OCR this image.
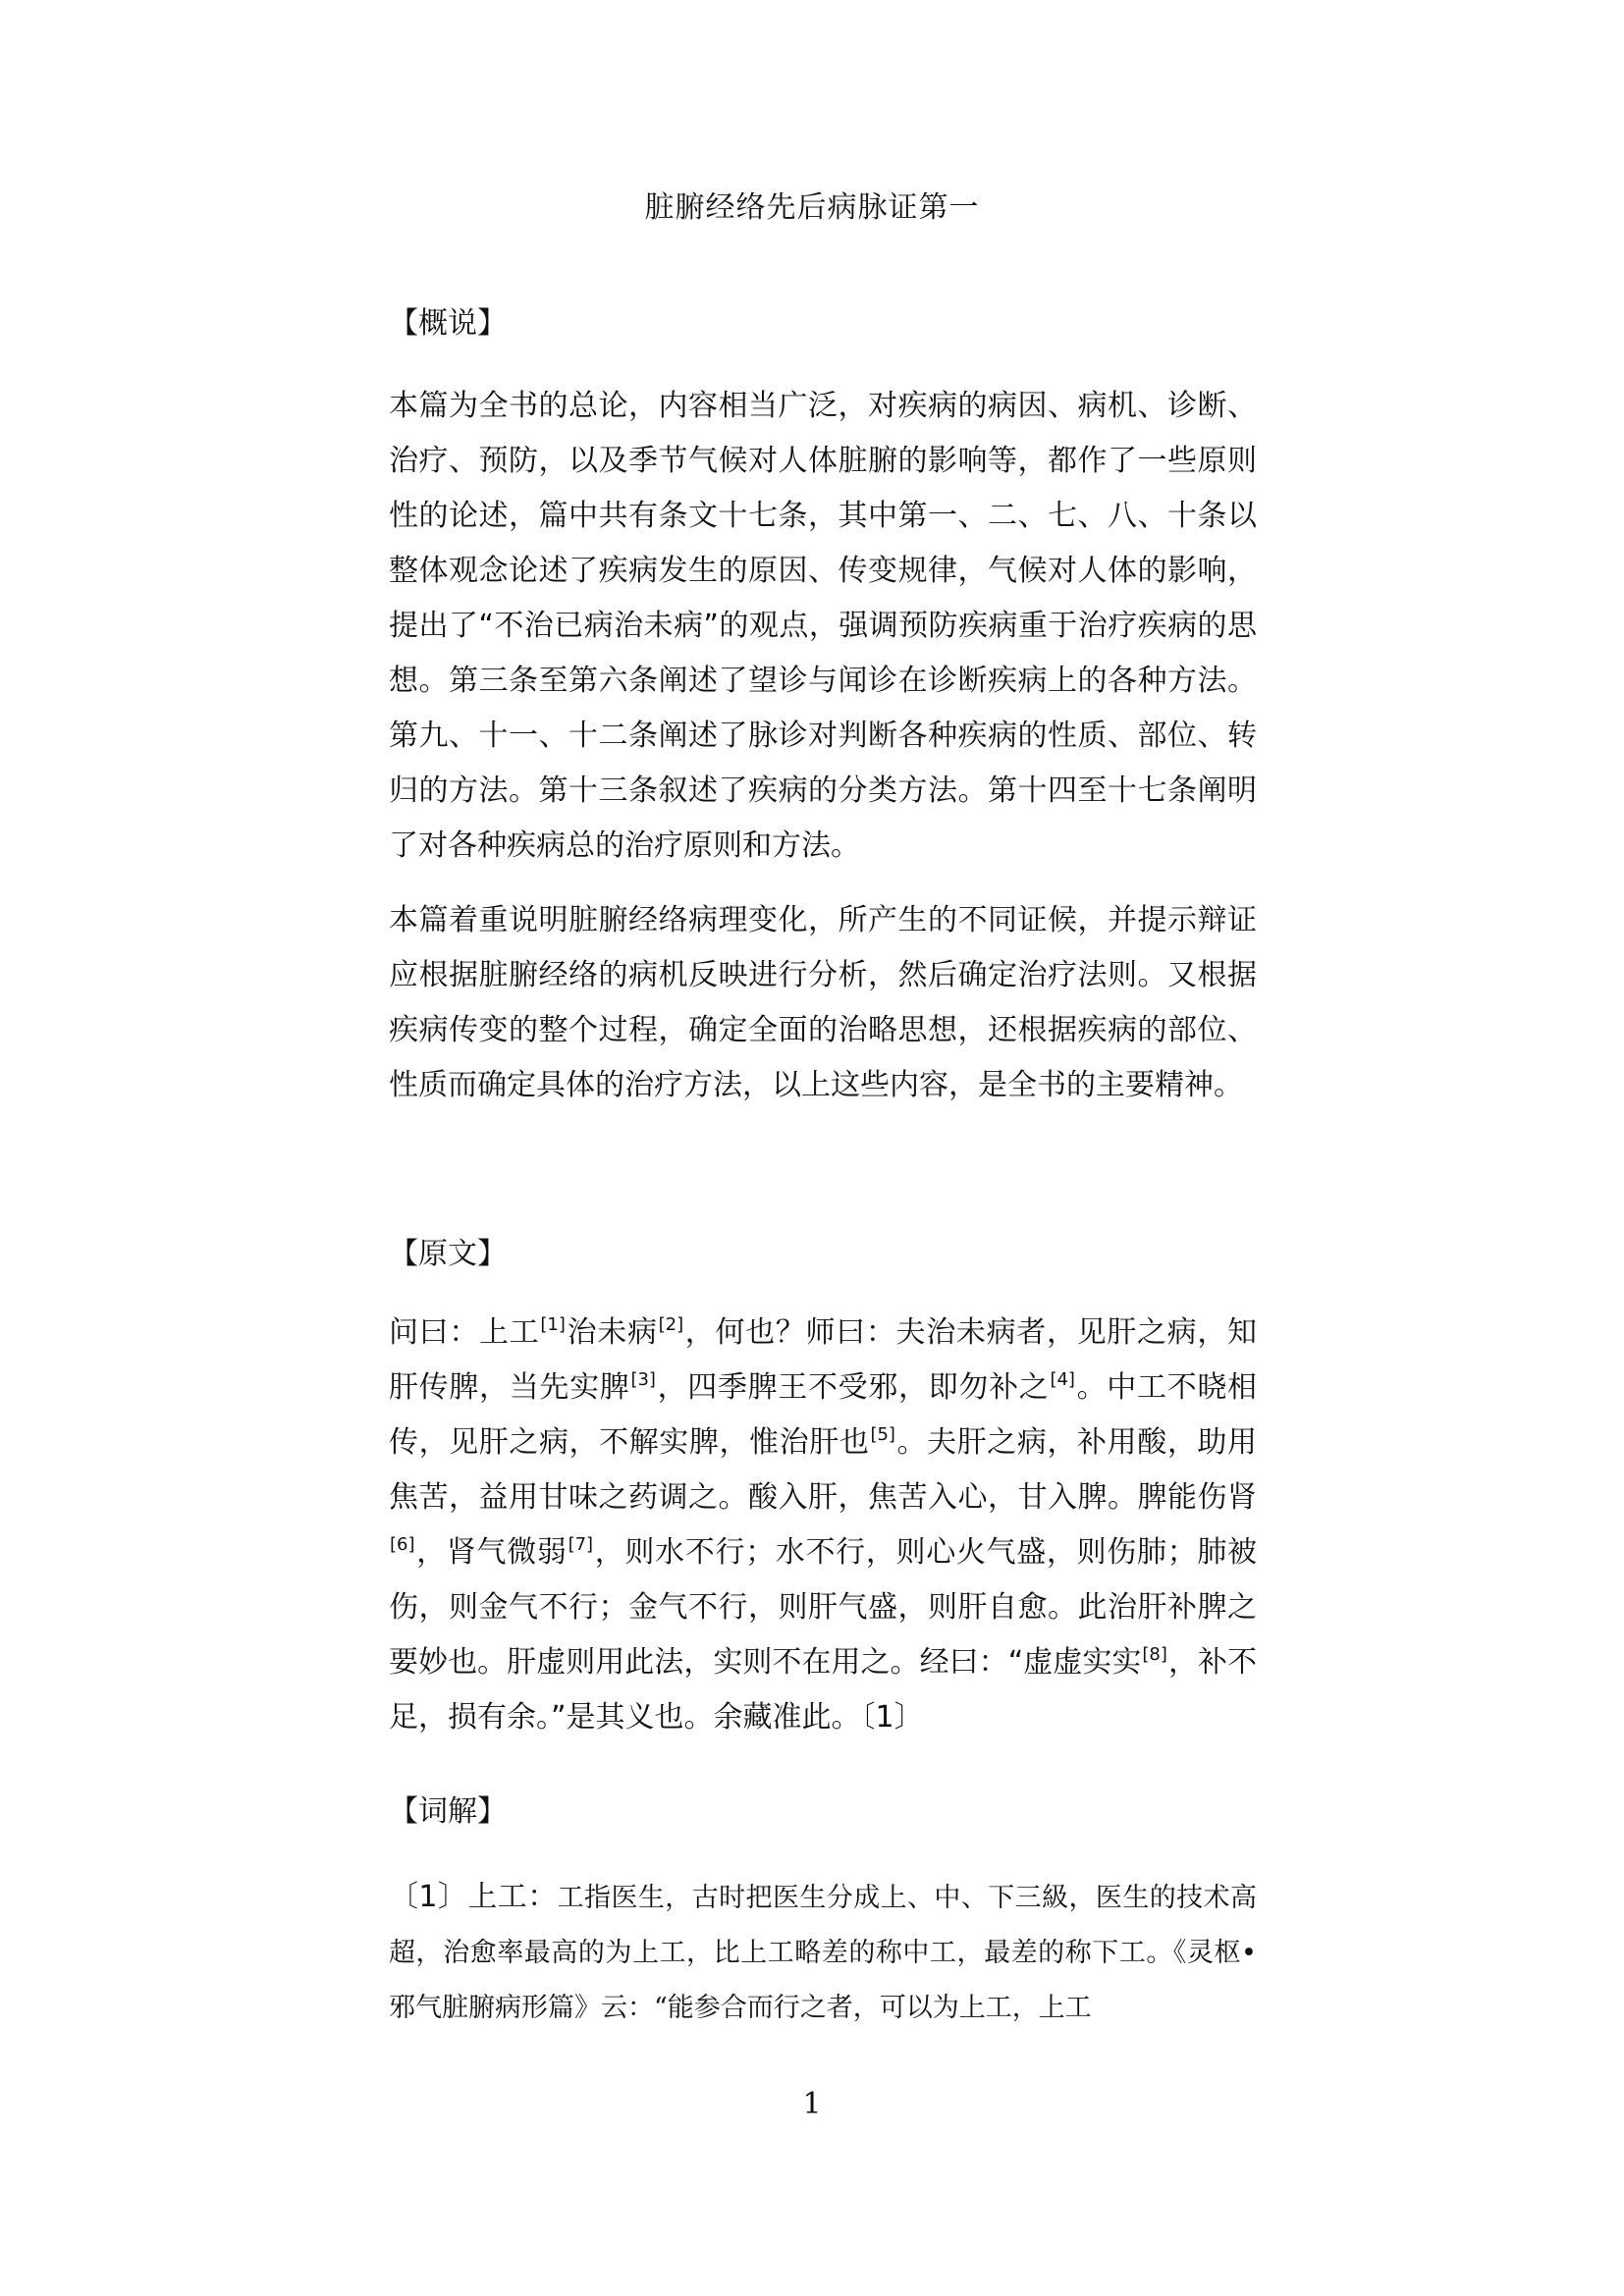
脏腑经络先后病脉证第一
【概说】

本篇为全书的总论，内容相当广泛，对疾病的病因、病机、诊断、治疗、预防，以及季节气候对人体脏腑的影响等，都作了一些原则性的论述，篇中共有条文十七条，其中第一、二、七、八、十条以整体观念论述了疾病发生的原因、传变规律，气候对人体的影响，提出了“不治已病治未病”的观点，强调预防疾病重于治疗疾病的思想。第三条至第六条阐述了望诊与闻诊在诊断疾病上的各种方法。第九、十一、十二条阐述了脉诊对判断各种疾病的性质、部位、转归的方法。第十三条叙述了疾病的分类方法。第十四至十七条阐明了对各种疾病总的治疗原则和方法。

本篇着重说明脏腑经络病理变化，所产生的不同证候，并提示辩证应根据脏腑经络的病机反映进行分析，然后确定治疗法则。又根据疾病传变的整个过程，确定全面的治略思想，还根据疾病的部位、性质而确定具体的治疗方法，以上这些内容，是全书的主要精神。

【原文】

问曰：上工[1]治未病[2]，何也？师曰：夫治未病者，见肝之病，知肝传脾，当先实脾[3]，四季脾王不受邪，即勿补之[4]。中工不晓相传，见肝之病，不解实脾，惟治肝也[5]。夫肝之病，补用酸，助用焦苦，益用甘味之药调之。酸入肝，焦苦入心，甘入脾。脾能伤肾[6]，肾气微弱[7]，则水不行；水不行，则心火气盛，则伤肺；肺被伤，则金气不行；金气不行，则肝气盛，则肝自愈。此治肝补脾之要妙也。肝虚则用此法，实则不在用之。经曰：“虚虚实实[8]，补不足，损有余。”是其义也。余藏准此。〔1〕

【词解】
〔1〕上工：工指医生，古时把医生分成上、中、下三級，医生的技术高超，治愈率最高的为上工，比上工略差的称中工，最差的称下工。《灵枢•邪气脏腑病形篇》云：“能参合而行之者，可以为上工，上工
1
